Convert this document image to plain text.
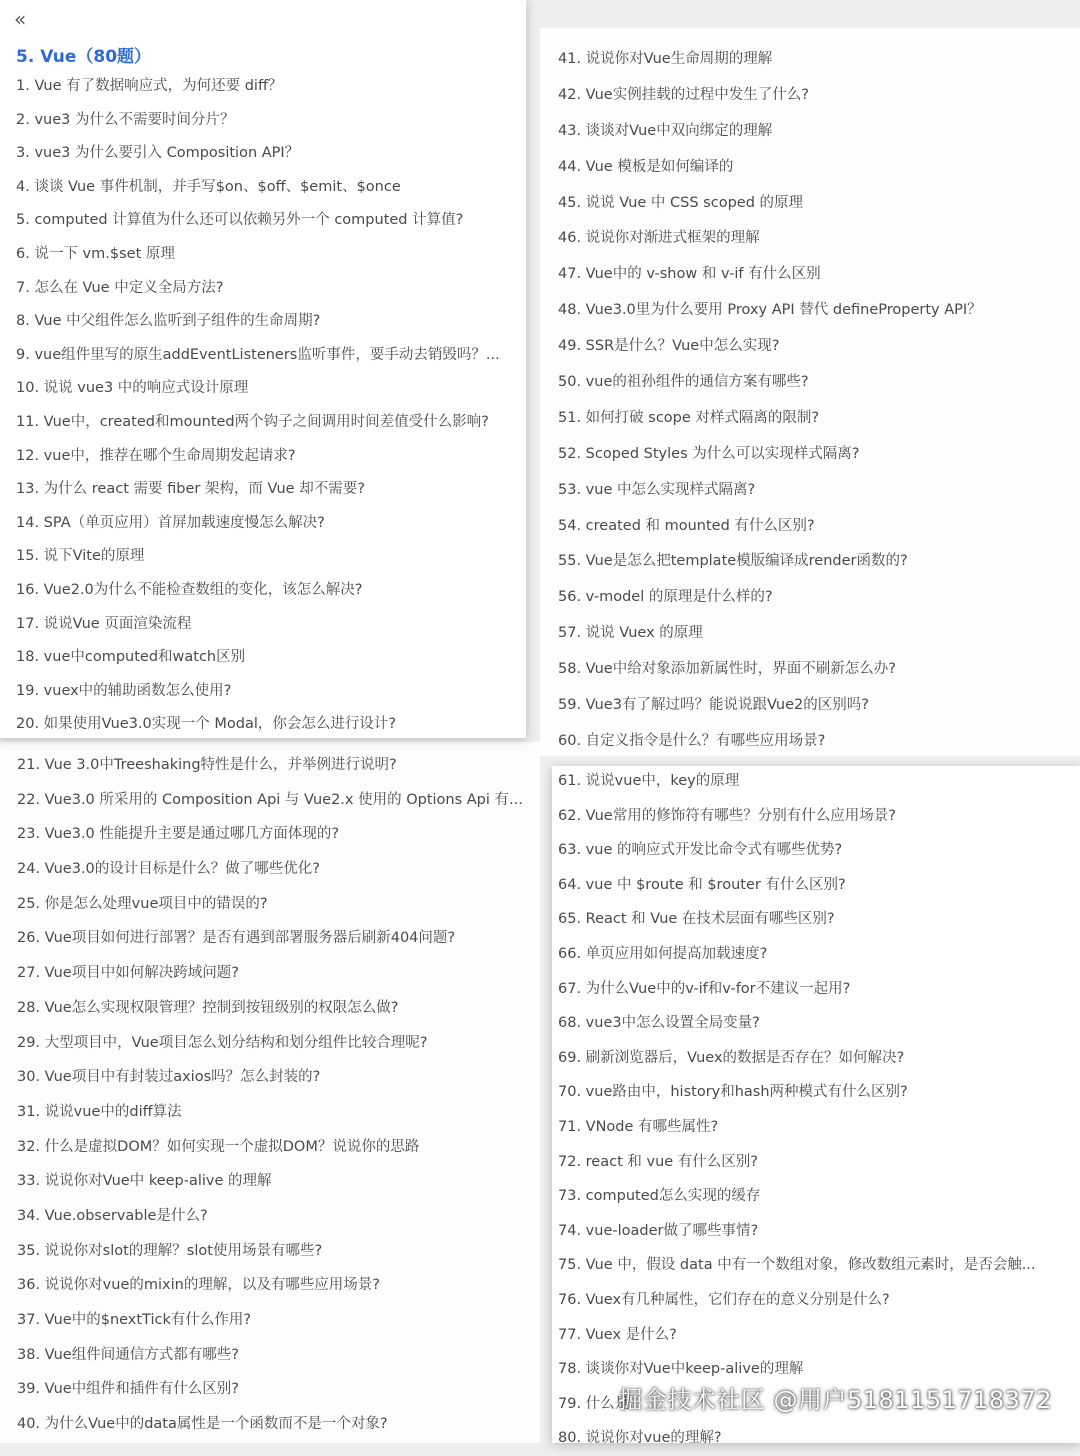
«
5. Vue（80题）
1. Vue 有了数据响应式，为何还要 diff？
2. vue3 为什么不需要时间分片？
3. vue3 为什么要引入 Composition API？
4. 谈谈 Vue 事件机制，并手写$on、$off、$emit、$once
5. computed 计算值为什么还可以依赖另外一个 computed 计算值?
6. 说一下 vm.$set 原理
7. 怎么在 Vue 中定义全局方法?
8. Vue 中父组件怎么监听到子组件的生命周期?
9. vue组件里写的原生addEventListeners监听事件，要手动去销毁吗？...
10. 说说 vue3 中的响应式设计原理
11. Vue中，created和mounted两个钩子之间调用时间差值受什么影响?
12. vue中，推荐在哪个生命周期发起请求?
13. 为什么 react 需要 fiber 架构，而 Vue 却不需要?
14. SPA（单页应用）首屏加载速度慢怎么解决?
15. 说下Vite的原理
16. Vue2.0为什么不能检查数组的变化，该怎么解决?
17. 说说Vue 页面渲染流程
18. vue中computed和watch区别
19. vuex中的辅助函数怎么使用?
20. 如果使用Vue3.0实现一个 Modal，你会怎么进行设计?
21. Vue 3.0中Treeshaking特性是什么，并举例进行说明?
22. Vue3.0 所采用的 Composition Api 与 Vue2.x 使用的 Options Api 有...
23. Vue3.0 性能提升主要是通过哪几方面体现的?
24. Vue3.0的设计目标是什么？做了哪些优化?
25. 你是怎么处理vue项目中的错误的?
26. Vue项目如何进行部署？是否有遇到部署服务器后刷新404问题?
27. Vue项目中如何解决跨域问题?
28. Vue怎么实现权限管理？控制到按钮级别的权限怎么做?
29. 大型项目中，Vue项目怎么划分结构和划分组件比较合理呢?
30. Vue项目中有封装过axios吗？怎么封装的?
31. 说说vue中的diff算法
32. 什么是虚拟DOM？如何实现一个虚拟DOM？说说你的思路
33. 说说你对Vue中 keep-alive 的理解
34. Vue.observable是什么?
35. 说说你对slot的理解？slot使用场景有哪些?
36. 说说你对vue的mixin的理解，以及有哪些应用场景?
37. Vue中的$nextTick有什么作用?
38. Vue组件间通信方式都有哪些?
39. Vue中组件和插件有什么区别?
40. 为什么Vue中的data属性是一个函数而不是一个对象?
41. 说说你对Vue生命周期的理解
42. Vue实例挂载的过程中发生了什么?
43. 谈谈对Vue中双向绑定的理解
44. Vue 模板是如何编译的
45. 说说 Vue 中 CSS scoped 的原理
46. 说说你对渐进式框架的理解
47. Vue中的 v-show 和 v-if 有什么区别
48. Vue3.0里为什么要用 Proxy API 替代 defineProperty API？
49. SSR是什么？Vue中怎么实现?
50. vue的祖孙组件的通信方案有哪些?
51. 如何打破 scope 对样式隔离的限制?
52. Scoped Styles 为什么可以实现样式隔离?
53. vue 中怎么实现样式隔离?
54. created 和 mounted 有什么区别?
55. Vue是怎么把template模版编译成render函数的?
56. v-model 的原理是什么样的?
57. 说说 Vuex 的原理
58. Vue中给对象添加新属性时，界面不刷新怎么办?
59. Vue3有了解过吗？能说说跟Vue2的区别吗?
60. 自定义指令是什么？有哪些应用场景?
61. 说说vue中，key的原理
62. Vue常用的修饰符有哪些？分别有什么应用场景?
63. vue 的响应式开发比命令式有哪些优势?
64. vue 中 $route 和 $router 有什么区别?
65. React 和 Vue 在技术层面有哪些区别?
66. 单页应用如何提高加载速度?
67. 为什么Vue中的v-if和v-for不建议一起用?
68. vue3中怎么设置全局变量?
69. 刷新浏览器后，Vuex的数据是否存在？如何解决?
70. vue路由中，history和hash两种模式有什么区别?
71. VNode 有哪些属性?
72. react 和 vue 有什么区别?
73. computed怎么实现的缓存
74. vue-loader做了哪些事情?
75. Vue 中，假设 data 中有一个数组对象，修改数组元素时，是否会触...
76. Vuex有几种属性，它们存在的意义分别是什么?
77. Vuex 是什么?
78. 谈谈你对Vue中keep-alive的理解
79. 什么是
80. 说说你对vue的理解?
掘金技术社区 @用户5181151718372
